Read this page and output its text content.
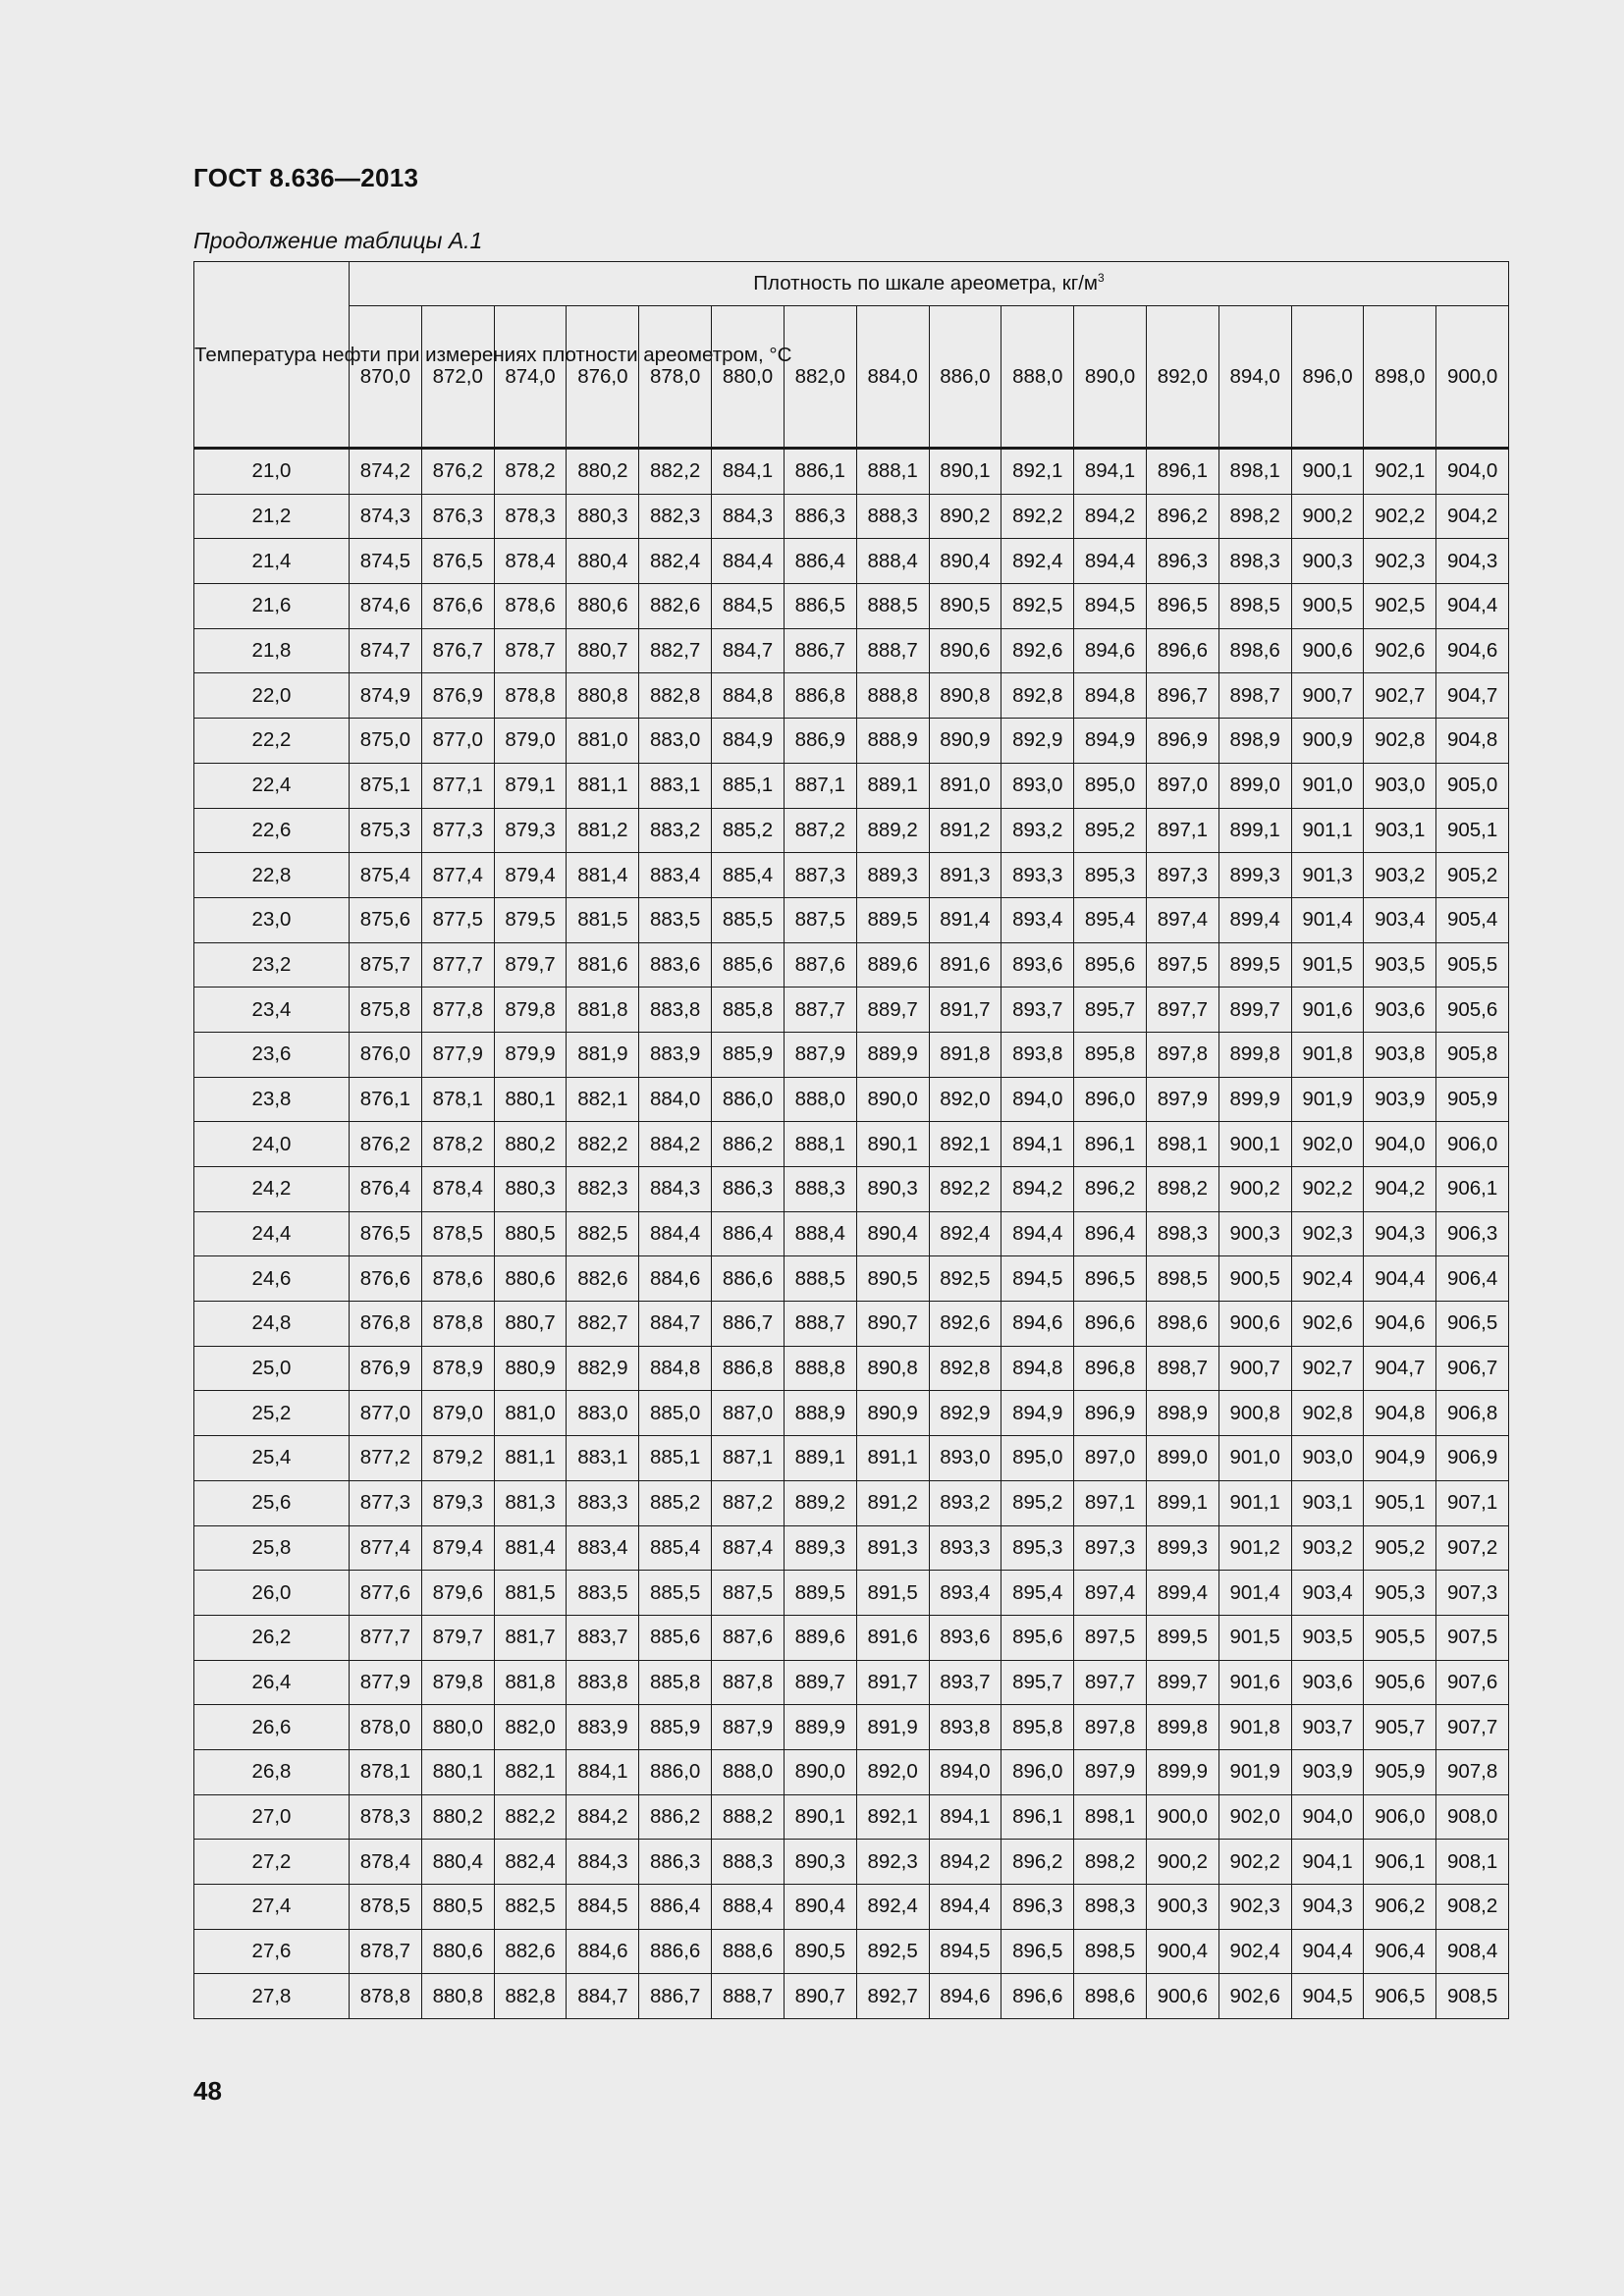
ГОСТ 8.636—2013
Продолжение таблицы А.1
Температура нефти при измерениях плотности ареометром, °С	Плотность по шкале ареометра, $кг/м^3$
	870,0	872,0	874,0	876,0	878,0	880,0	882,0	884,0	886,0	888,0	890,0	892,0	894,0	896,0	898,0	900,0
21,0	874,2	876,2	878,2	880,2	882,2	884,1	886,1	888,1	890,1	892,1	894,1	896,1	898,1	900,1	902,1	904,0
21,2	874,3	876,3	878,3	880,3	882,3	884,3	886,3	888,3	890,2	892,2	894,2	896,2	898,2	900,2	902,2	904,2
21,4	874,5	876,5	878,4	880,4	882,4	884,4	886,4	888,4	890,4	892,4	894,4	896,3	898,3	900,3	902,3	904,3
21,6	874,6	876,6	878,6	880,6	882,6	884,5	886,5	888,5	890,5	892,5	894,5	896,5	898,5	900,5	902,5	904,4
21,8	874,7	876,7	878,7	880,7	882,7	884,7	886,7	888,7	890,6	892,6	894,6	896,6	898,6	900,6	902,6	904,6
22,0	874,9	876,9	878,8	880,8	882,8	884,8	886,8	888,8	890,8	892,8	894,8	896,7	898,7	900,7	902,7	904,7
22,2	875,0	877,0	879,0	881,0	883,0	884,9	886,9	888,9	890,9	892,9	894,9	896,9	898,9	900,9	902,8	904,8
22,4	875,1	877,1	879,1	881,1	883,1	885,1	887,1	889,1	891,0	893,0	895,0	897,0	899,0	901,0	903,0	905,0
22,6	875,3	877,3	879,3	881,2	883,2	885,2	887,2	889,2	891,2	893,2	895,2	897,1	899,1	901,1	903,1	905,1
22,8	875,4	877,4	879,4	881,4	883,4	885,4	887,3	889,3	891,3	893,3	895,3	897,3	899,3	901,3	903,2	905,2
23,0	875,6	877,5	879,5	881,5	883,5	885,5	887,5	889,5	891,4	893,4	895,4	897,4	899,4	901,4	903,4	905,4
23,2	875,7	877,7	879,7	881,6	883,6	885,6	887,6	889,6	891,6	893,6	895,6	897,5	899,5	901,5	903,5	905,5
23,4	875,8	877,8	879,8	881,8	883,8	885,8	887,7	889,7	891,7	893,7	895,7	897,7	899,7	901,6	903,6	905,6
23,6	876,0	877,9	879,9	881,9	883,9	885,9	887,9	889,9	891,8	893,8	895,8	897,8	899,8	901,8	903,8	905,8
23,8	876,1	878,1	880,1	882,1	884,0	886,0	888,0	890,0	892,0	894,0	896,0	897,9	899,9	901,9	903,9	905,9
24,0	876,2	878,2	880,2	882,2	884,2	886,2	888,1	890,1	892,1	894,1	896,1	898,1	900,1	902,0	904,0	906,0
24,2	876,4	878,4	880,3	882,3	884,3	886,3	888,3	890,3	892,2	894,2	896,2	898,2	900,2	902,2	904,2	906,1
24,4	876,5	878,5	880,5	882,5	884,4	886,4	888,4	890,4	892,4	894,4	896,4	898,3	900,3	902,3	904,3	906,3
24,6	876,6	878,6	880,6	882,6	884,6	886,6	888,5	890,5	892,5	894,5	896,5	898,5	900,5	902,4	904,4	906,4
24,8	876,8	878,8	880,7	882,7	884,7	886,7	888,7	890,7	892,6	894,6	896,6	898,6	900,6	902,6	904,6	906,5
25,0	876,9	878,9	880,9	882,9	884,8	886,8	888,8	890,8	892,8	894,8	896,8	898,7	900,7	902,7	904,7	906,7
25,2	877,0	879,0	881,0	883,0	885,0	887,0	888,9	890,9	892,9	894,9	896,9	898,9	900,8	902,8	904,8	906,8
25,4	877,2	879,2	881,1	883,1	885,1	887,1	889,1	891,1	893,0	895,0	897,0	899,0	901,0	903,0	904,9	906,9
25,6	877,3	879,3	881,3	883,3	885,2	887,2	889,2	891,2	893,2	895,2	897,1	899,1	901,1	903,1	905,1	907,1
25,8	877,4	879,4	881,4	883,4	885,4	887,4	889,3	891,3	893,3	895,3	897,3	899,3	901,2	903,2	905,2	907,2
26,0	877,6	879,6	881,5	883,5	885,5	887,5	889,5	891,5	893,4	895,4	897,4	899,4	901,4	903,4	905,3	907,3
26,2	877,7	879,7	881,7	883,7	885,6	887,6	889,6	891,6	893,6	895,6	897,5	899,5	901,5	903,5	905,5	907,5
26,4	877,9	879,8	881,8	883,8	885,8	887,8	889,7	891,7	893,7	895,7	897,7	899,7	901,6	903,6	905,6	907,6
26,6	878,0	880,0	882,0	883,9	885,9	887,9	889,9	891,9	893,8	895,8	897,8	899,8	901,8	903,7	905,7	907,7
26,8	878,1	880,1	882,1	884,1	886,0	888,0	890,0	892,0	894,0	896,0	897,9	899,9	901,9	903,9	905,9	907,8
27,0	878,3	880,2	882,2	884,2	886,2	888,2	890,1	892,1	894,1	896,1	898,1	900,0	902,0	904,0	906,0	908,0
27,2	878,4	880,4	882,4	884,3	886,3	888,3	890,3	892,3	894,2	896,2	898,2	900,2	902,2	904,1	906,1	908,1
27,4	878,5	880,5	882,5	884,5	886,4	888,4	890,4	892,4	894,4	896,3	898,3	900,3	902,3	904,3	906,2	908,2
27,6	878,7	880,6	882,6	884,6	886,6	888,6	890,5	892,5	894,5	896,5	898,5	900,4	902,4	904,4	906,4	908,4
27,8	878,8	880,8	882,8	884,7	886,7	888,7	890,7	892,7	894,6	896,6	898,6	900,6	902,6	904,5	906,5	908,5
48
